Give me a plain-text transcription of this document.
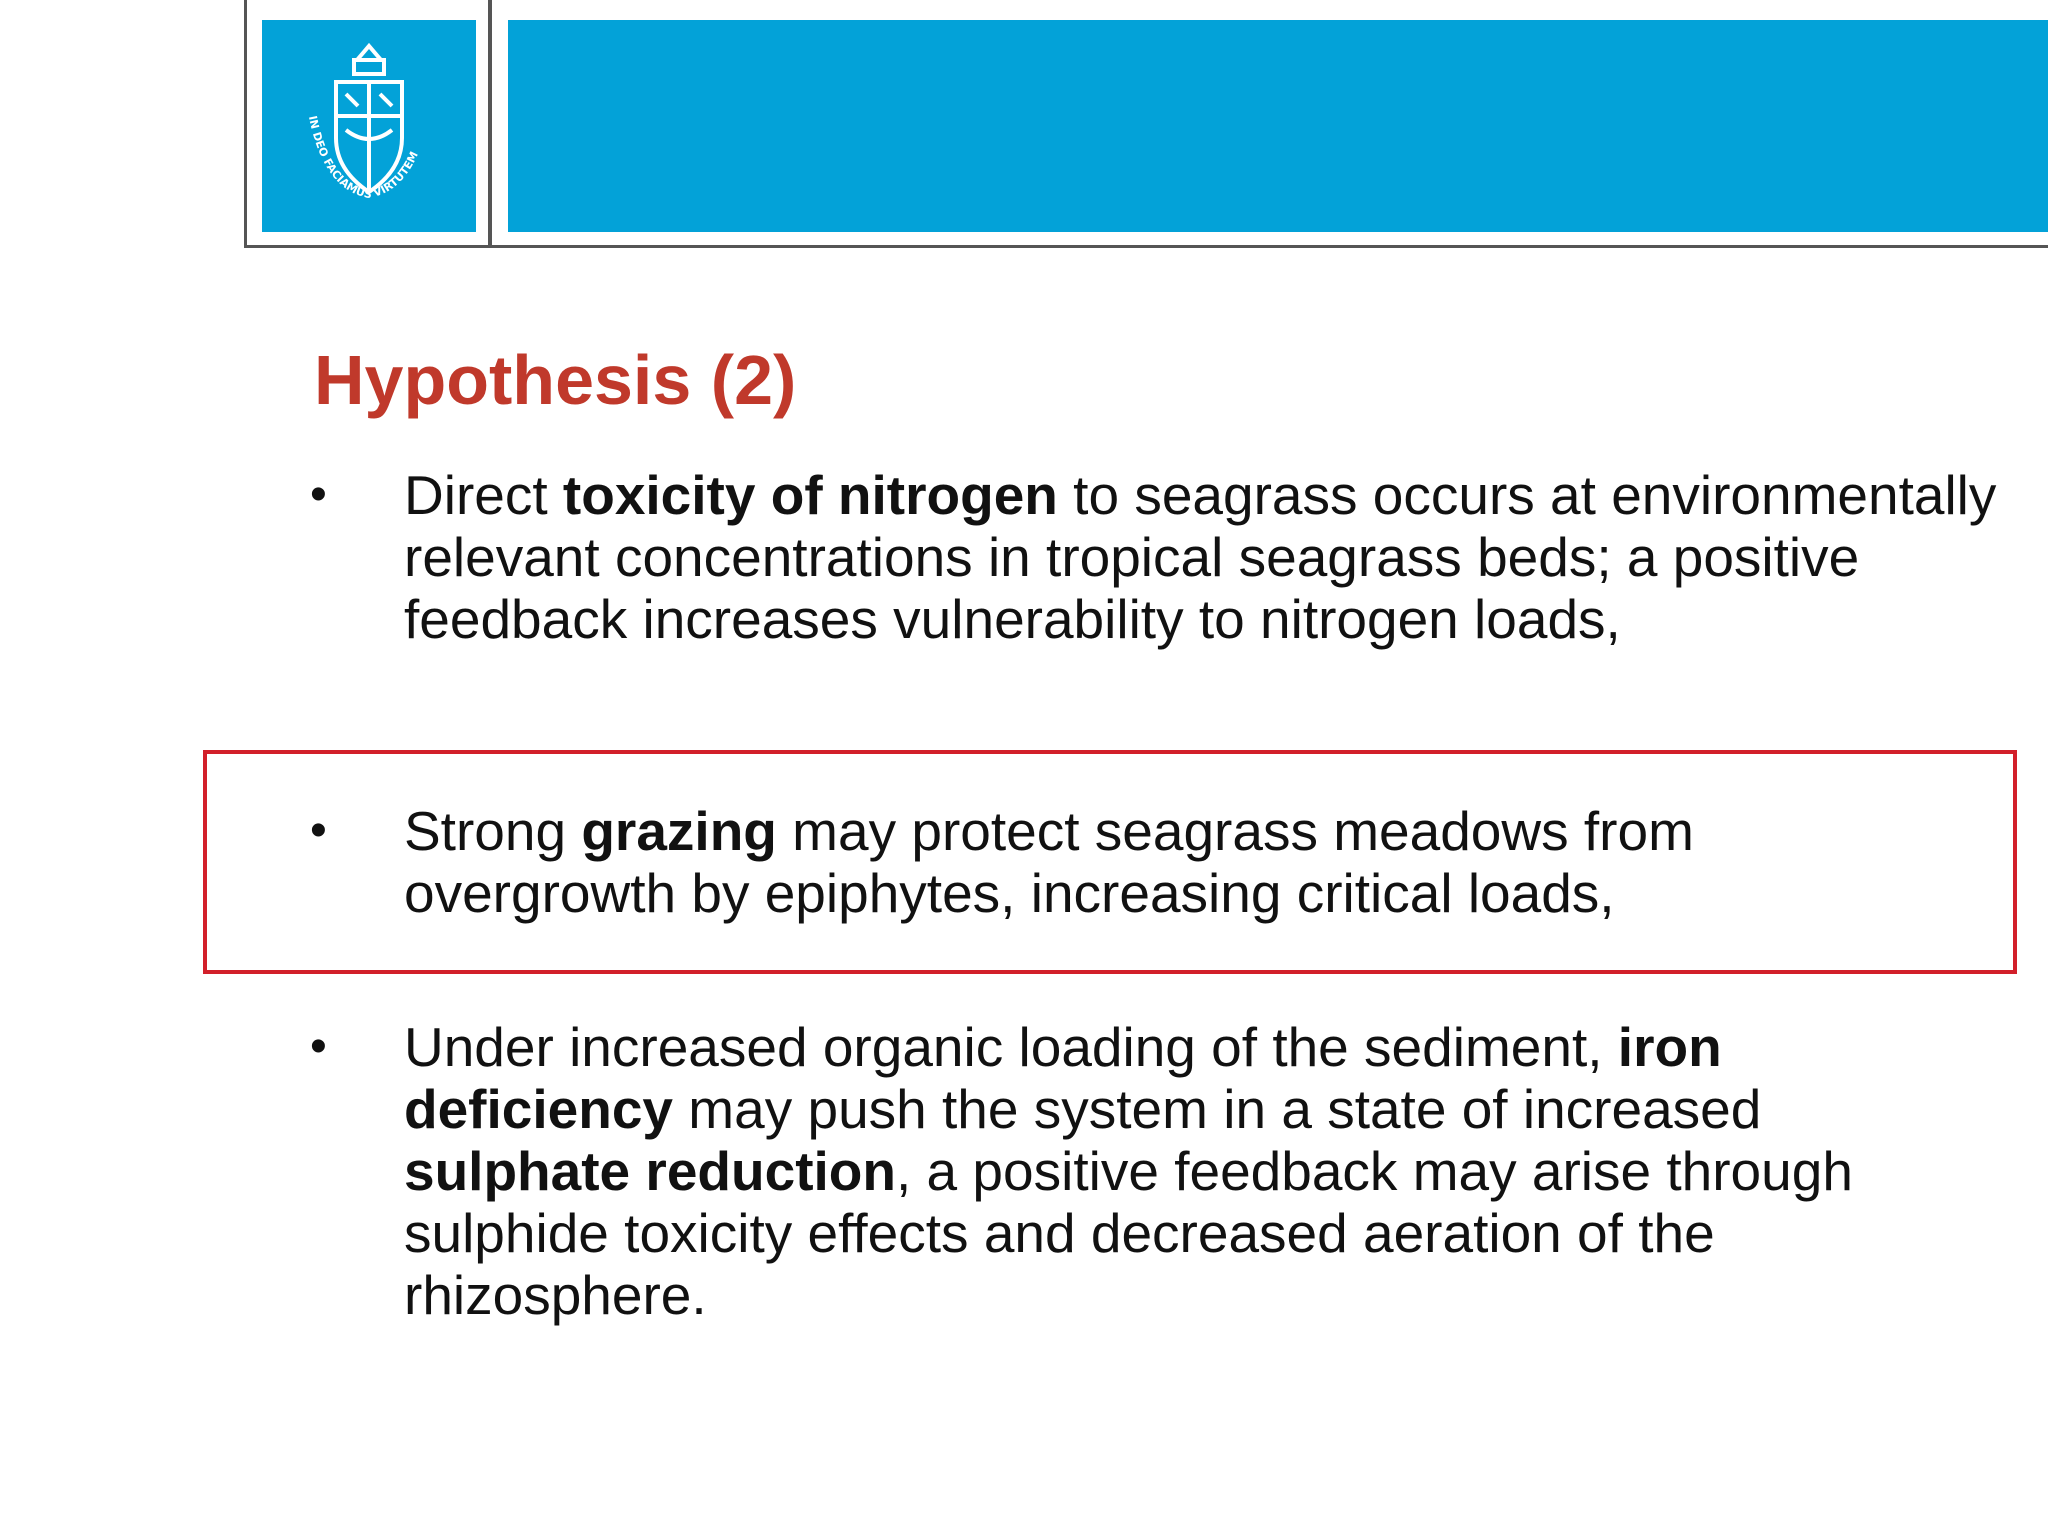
IN DEO FACIAMUS VIRTUTEM
Hypothesis (2)
•	Direct toxicity of nitrogen to seagrass occurs at environmentally relevant concentrations in tropical seagrass beds; a positive feedback increases vulnerability to nitrogen loads,
•	Strong grazing may protect seagrass meadows from overgrowth by epiphytes, increasing critical loads,
•	Under increased organic loading of the sediment, iron deficiency may push the system in a state of increased sulphate reduction, a positive feedback may arise through sulphide toxicity effects and decreased aeration of the rhizosphere.
